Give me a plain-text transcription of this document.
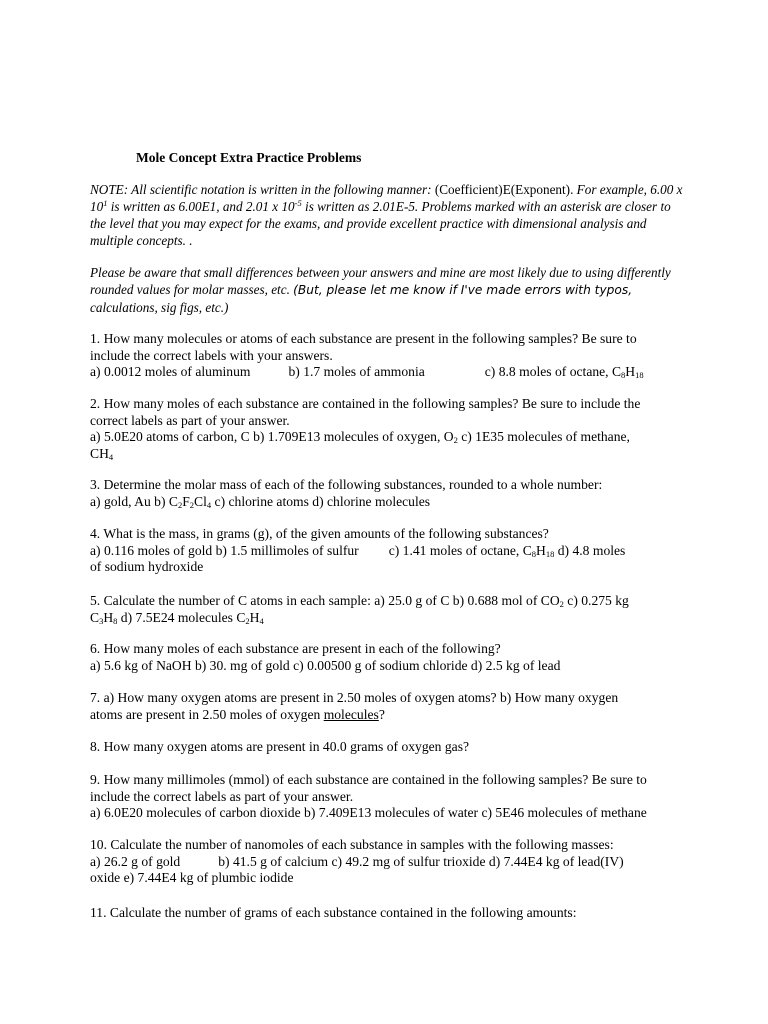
Mole Concept Extra Practice Problems
NOTE: All scientific notation is written in the following manner: (Coefficient)E(Exponent). For example, 6.00 x $10^1$ is written as 6.00E1, and 2.01 x $10^{-5}$ is written as 2.01E-5. Problems marked with an asterisk are closer to the level that you may expect for the exams, and provide excellent practice with dimensional analysis and multiple concepts. .
Please be aware that small differences between your answers and mine are most likely due to using differently rounded values for molar masses, etc. (But, please let me know if I've made errors with typos, calculations, sig figs, etc.)

1. How many molecules or atoms of each substance are present in the following samples? Be sure to

include the correct labels with your answers.

a) 0.0012 moles of aluminum	b) 1.7 moles of ammonia	c) 8.8 moles of octane, $C_8H_{18}$

2. How many moles of each substance are contained in the following samples? Be sure to include the

correct labels as part of your answer.

a) 5.0E20 atoms of carbon, C b) 1.709E13 molecules of oxygen, $O_2$ c) 1E35 molecules of methane,

$CH_4$

3. Determine the molar mass of each of the following substances, rounded to a whole number:

a) gold, Au b) $C_2F_2Cl_4$ c) chlorine atoms d) chlorine molecules

4. What is the mass, in grams (g), of the given amounts of the following substances?

a) 0.116 moles of gold b) 1.5 millimoles of sulfur c) 1.41 moles of octane, $C_8H_{18}$ d) 4.8 moles

of sodium hydroxide

5. Calculate the number of C atoms in each sample: a) 25.0 g of C b) 0.688 mol of $CO_2$ c) 0.275 kg

$C_3H_8$ d) 7.5E24 molecules $C_2H_4$

6. How many moles of each substance are present in each of the following?

a) 5.6 kg of NaOH b) 30. mg of gold c) 0.00500 g of sodium chloride d) 2.5 kg of lead

7. a) How many oxygen atoms are present in 2.50 moles of oxygen atoms? b) How many oxygen

atoms are present in 2.50 moles of oxygen molecules?

8. How many oxygen atoms are present in 40.0 grams of oxygen gas?

9. How many millimoles (mmol) of each substance are contained in the following samples? Be sure to

include the correct labels as part of your answer.

a) 6.0E20 molecules of carbon dioxide b) 7.409E13 molecules of water c) 5E46 molecules of methane

10. Calculate the number of nanomoles of each substance in samples with the following masses:

a) 26.2 g of gold	b) 41.5 g of calcium c) 49.2 mg of sulfur trioxide d) 7.44E4 kg of lead(IV)

oxide e) 7.44E4 kg of plumbic iodide

11. Calculate the number of grams of each substance contained in the following amounts:
